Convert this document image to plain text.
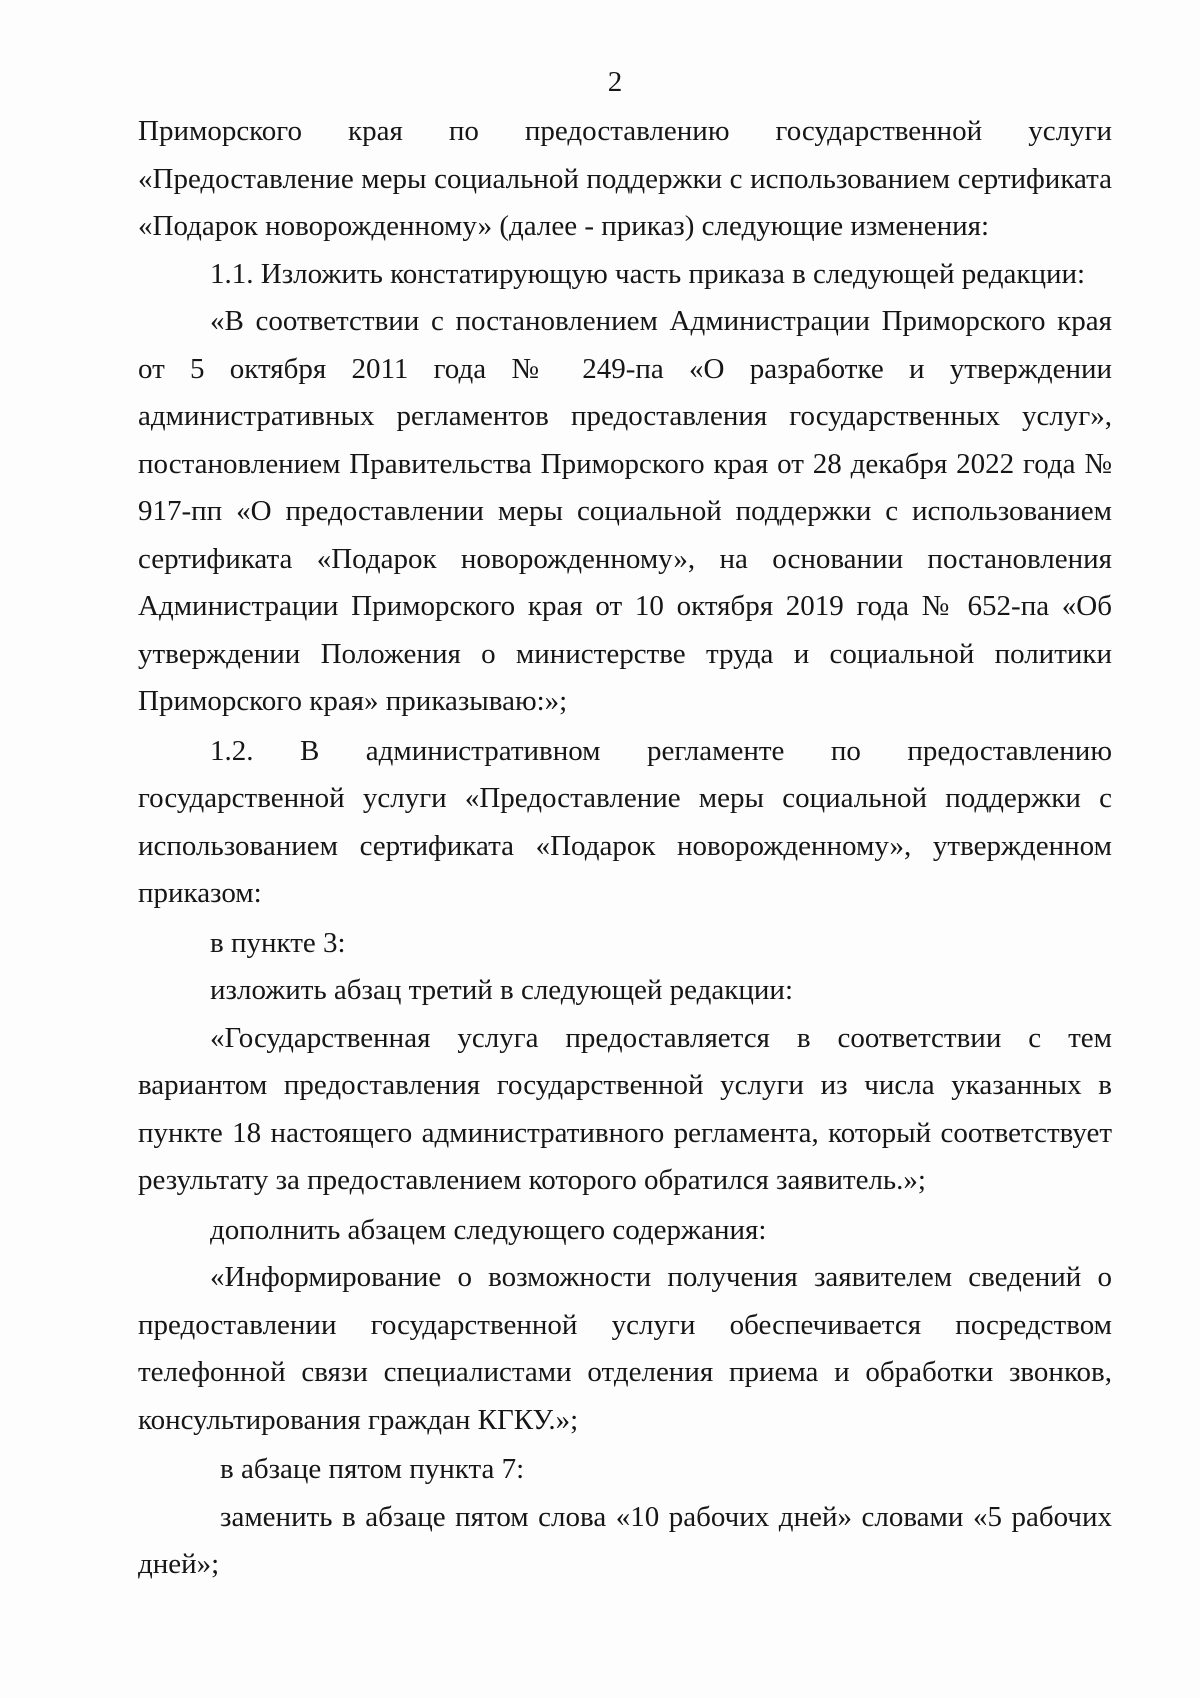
2

Приморского края по предоставлению государственной услуги «Предоставление меры социальной поддержки с использованием сертификата «Подарок новорожденному» (далее - приказ) следующие изменения:

1.1. Изложить констатирующую часть приказа в следующей редакции:

«В соответствии с постановлением Администрации Приморского края от 5 октября 2011 года № 249-па «О разработке и утверждении административных регламентов предоставления государственных услуг», постановлением Правительства Приморского края от 28 декабря 2022 года № 917-пп «О предоставлении меры социальной поддержки с использованием сертификата «Подарок новорожденному», на основании постановления Администрации Приморского края от 10 октября 2019 года № 652-па «Об утверждении Положения о министерстве труда и социальной политики Приморского края» приказываю:»;

1.2. В административном регламенте по предоставлению государственной услуги «Предоставление меры социальной поддержки с использованием сертификата «Подарок новорожденному», утвержденном приказом:

в пункте 3:

изложить абзац третий в следующей редакции:

«Государственная услуга предоставляется в соответствии с тем вариантом предоставления государственной услуги из числа указанных в пункте 18 настоящего административного регламента, который соответствует результату за предоставлением которого обратился заявитель.»;

дополнить абзацем следующего содержания:

«Информирование о возможности получения заявителем сведений о предоставлении государственной услуги обеспечивается посредством телефонной связи специалистами отделения приема и обработки звонков, консультирования граждан КГКУ.»;

в абзаце пятом пункта 7:

заменить в абзаце пятом слова «10 рабочих дней» словами «5 рабочих дней»;
